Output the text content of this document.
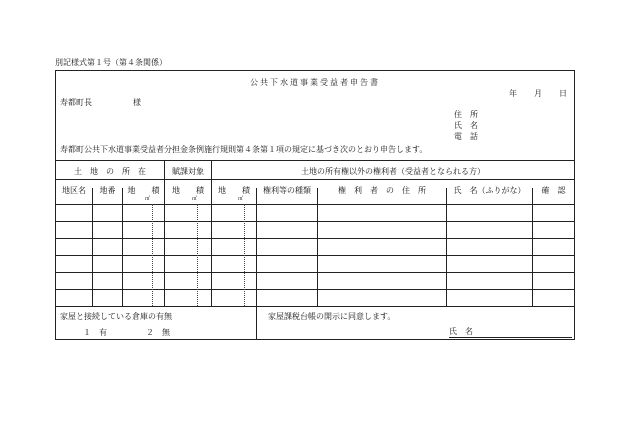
別記様式第１号（第４条関係）
公共下水道事業受益者申告書
年 月 日
寿都町長	様
住　所
氏　名
電　話
寿都町公共下水道事業受益者分担金条例施行規則第４条第１項の規定に基づき次のとおり申告します。
土　地　の　所　在	賦課対象	土地の所有権以外の権利者（受益者となられる方）
地区名	地番	地　　積	地　　積	地　　積	権利等の種類	権　利　者　の　住　所	氏　名（ふりがな）	確　認
㎡	㎡	㎡
家屋と接続している倉庫の有無
１　有	２　無
家屋課税台帳の開示に同意します。
氏　名
